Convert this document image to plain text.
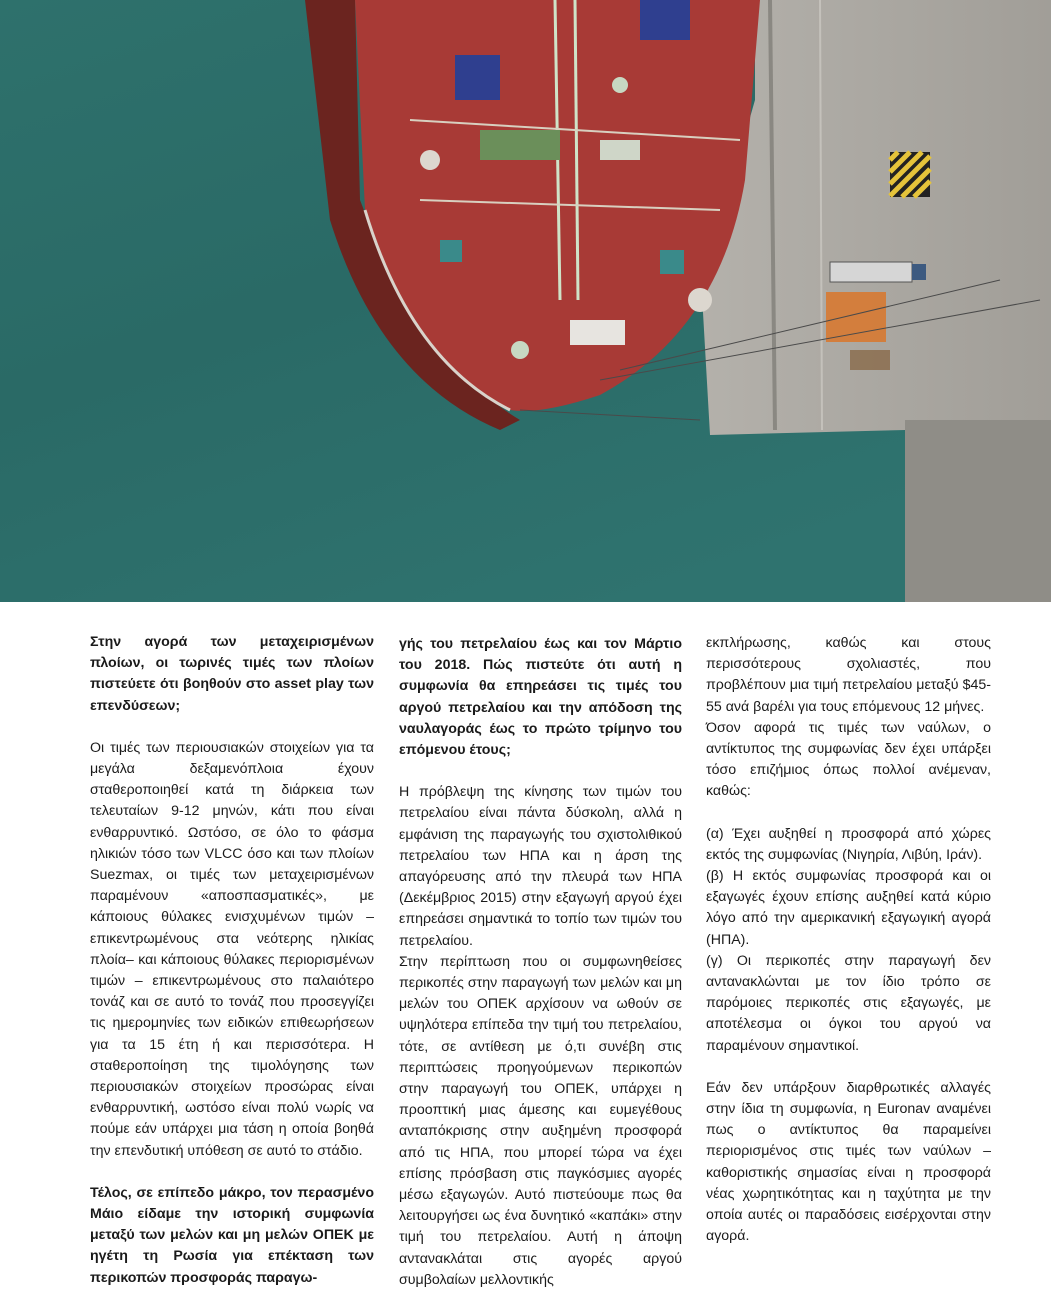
Στην αγορά των μεταχειρισμένων πλοίων, οι τωρινές τιμές των πλοίων πιστεύετε ότι βοηθούν στο asset play των επενδύσεων;

Οι τιμές των περιουσιακών στοιχείων για τα μεγάλα δεξαμενόπλοια έχουν σταθεροποιηθεί κατά τη διάρκεια των τελευταίων 9-12 μηνών, κάτι που είναι ενθαρρυντικό. Ωστόσο, σε όλο το φάσμα ηλικιών τόσο των VLCC όσο και των πλοίων Suezmax, οι τιμές των μεταχειρισμένων παραμένουν «αποσπασματικές», με κάποιους θύλακες ενισχυμένων τιμών –επικεντρωμένους στα νεότερης ηλικίας πλοία– και κάποιους θύλακες περιορισμένων τιμών – επικεντρωμένους στο παλαιότερο τονάζ και σε αυτό το τονάζ που προσεγγίζει τις ημερομηνίες των ειδικών επιθεωρήσεων για τα 15 έτη ή και περισσότερα. Η σταθεροποίηση της τιμολόγησης των περιουσιακών στοιχείων προσώρας είναι ενθαρρυντική, ωστόσο είναι πολύ νωρίς να πούμε εάν υπάρχει μια τάση η οποία βοηθά την επενδυτική υπόθεση σε αυτό το στάδιο.

Τέλος, σε επίπεδο μάκρο, τον περασμένο Μάιο είδαμε την ιστορική συμφωνία μεταξύ των μελών και μη μελών ΟΠΕΚ με ηγέτη τη Ρωσία για επέκταση των περικοπών προσφοράς παραγω-

γής του πετρελαίου έως και τον Μάρτιο του 2018. Πώς πιστεύτε ότι αυτή η συμφωνία θα επηρεάσει τις τιμές του αργού πετρελαίου και την απόδοση της ναυλαγοράς έως το πρώτο τρίμηνο του επόμενου έτους;

Η πρόβλεψη της κίνησης των τιμών του πετρελαίου είναι πάντα δύσκολη, αλλά η εμφάνιση της παραγωγής του σχιστολιθικού πετρελαίου των ΗΠΑ και η άρση της απαγόρευσης από την πλευρά των ΗΠΑ (Δεκέμβριος 2015) στην εξαγωγή αργού έχει επηρεάσει σημαντικά το τοπίο των τιμών του πετρελαίου.

Στην περίπτωση που οι συμφωνηθείσες περικοπές στην παραγωγή των μελών και μη μελών του ΟΠΕΚ αρχίσουν να ωθούν σε υψηλότερα επίπεδα την τιμή του πετρελαίου, τότε, σε αντίθεση με ό,τι συνέβη στις περιπτώσεις προηγούμενων περικοπών στην παραγωγή του ΟΠΕΚ, υπάρχει η προοπτική μιας άμεσης και ευμεγέθους ανταπόκρισης στην αυξημένη προσφορά από τις ΗΠΑ, που μπορεί τώρα να έχει επίσης πρόσβαση στις παγκόσμιες αγορές μέσω εξαγωγών. Αυτό πιστεύουμε πως θα λειτουργήσει ως ένα δυνητικό «καπάκι» στην τιμή του πετρελαίου. Αυτή η άποψη αντανακλάται στις αγορές αργού συμβολαίων μελλοντικής

εκπλήρωσης, καθώς και στους περισσότερους σχολιαστές, που προβλέπουν μια τιμή πετρελαίου μεταξύ $45-55 ανά βαρέλι για τους επόμενους 12 μήνες.

Όσον αφορά τις τιμές των ναύλων, ο αντίκτυπος της συμφωνίας δεν έχει υπάρξει τόσο επιζήμιος όπως πολλοί ανέμεναν, καθώς:

(α) Έχει αυξηθεί η προσφορά από χώρες εκτός της συμφωνίας (Νιγηρία, Λιβύη, Ιράν).

(β) Η εκτός συμφωνίας προσφορά και οι εξαγωγές έχουν επίσης αυξηθεί κατά κύριο λόγο από την αμερικανική εξαγωγική αγορά (ΗΠΑ).

(γ) Οι περικοπές στην παραγωγή δεν αντανακλώνται με τον ίδιο τρόπο σε παρόμοιες περικοπές στις εξαγωγές, με αποτέλεσμα οι όγκοι του αργού να παραμένουν σημαντικοί.

Εάν δεν υπάρξουν διαρθρωτικές αλλαγές στην ίδια τη συμφωνία, η Euronav αναμένει πως ο αντίκτυπος θα παραμείνει περιορισμένος στις τιμές των ναύλων – καθοριστικής σημασίας είναι η προσφορά νέας χωρητικότητας και η ταχύτητα με την οποία αυτές οι παραδόσεις εισέρχονται στην αγορά.
